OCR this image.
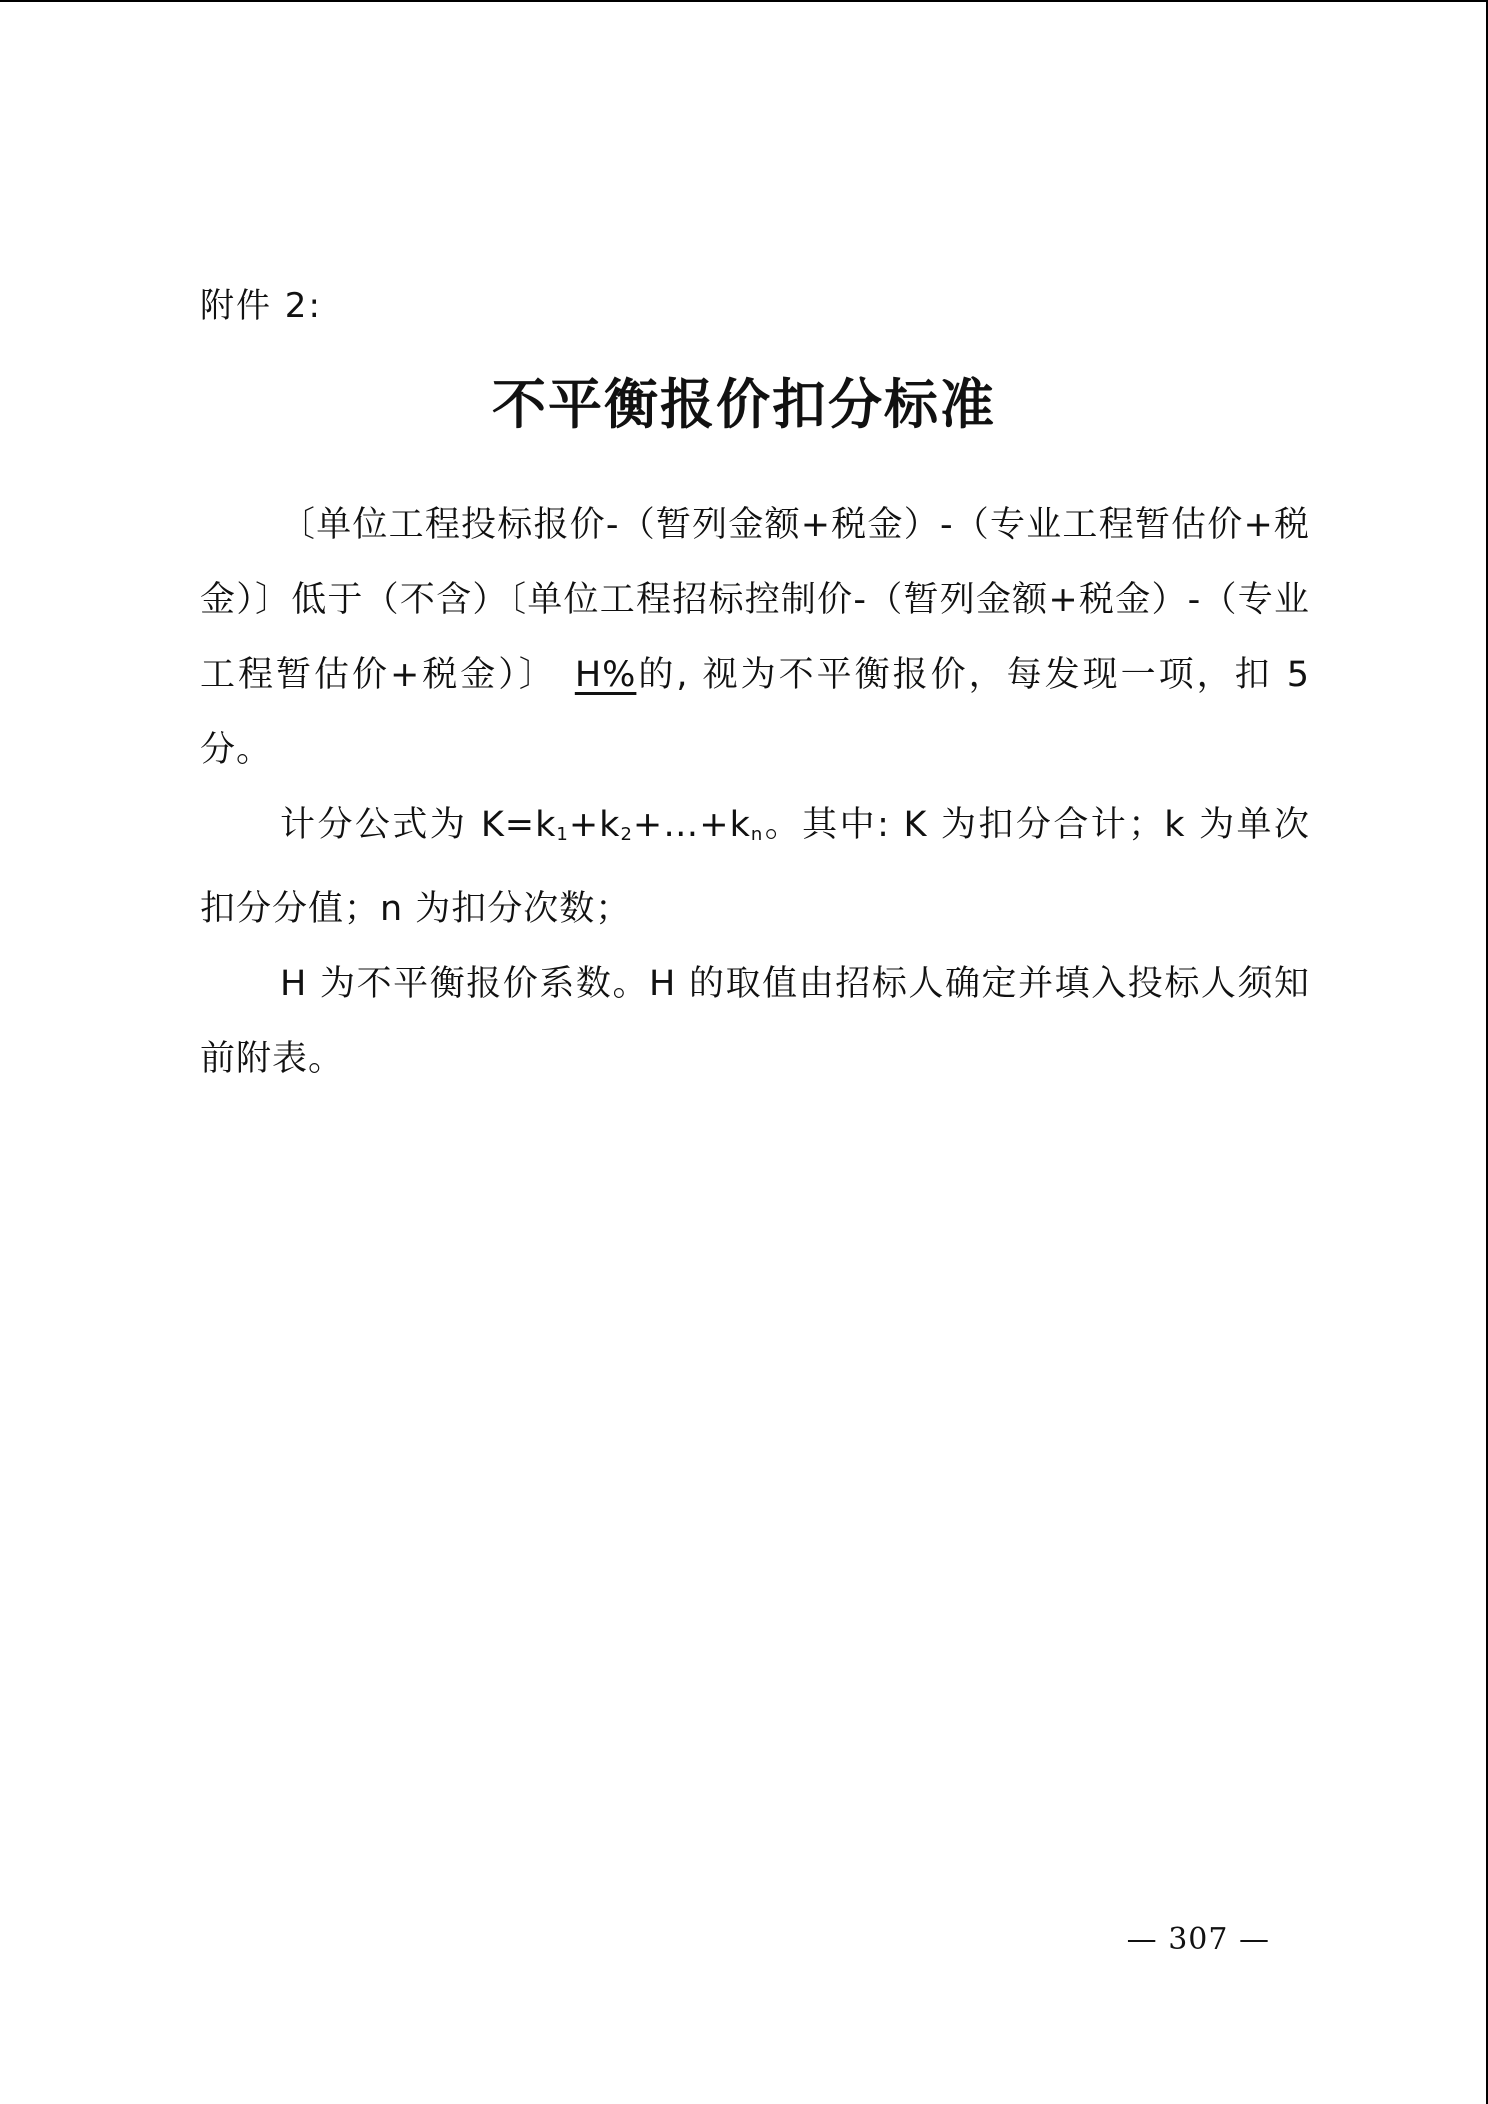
附件 2:
不平衡报价扣分标准

〔单位工程投标报价-（暂列金额+税金）-（专业工程暂估价+税金）〕低于（不含）〔单位工程招标控制价-（暂列金额+税金）-（专业工程暂估价+税金）〕 H%的, 视为不平衡报价，每发现一项，扣 5 分。

计分公式为 $K=k_1+k_2+\dots+k_n$。其中: K 为扣分合计；k 为单次扣分分值；n 为扣分次数；

H 为不平衡报价系数。H 的取值由招标人确定并填入投标人须知前附表。

— 307 —
